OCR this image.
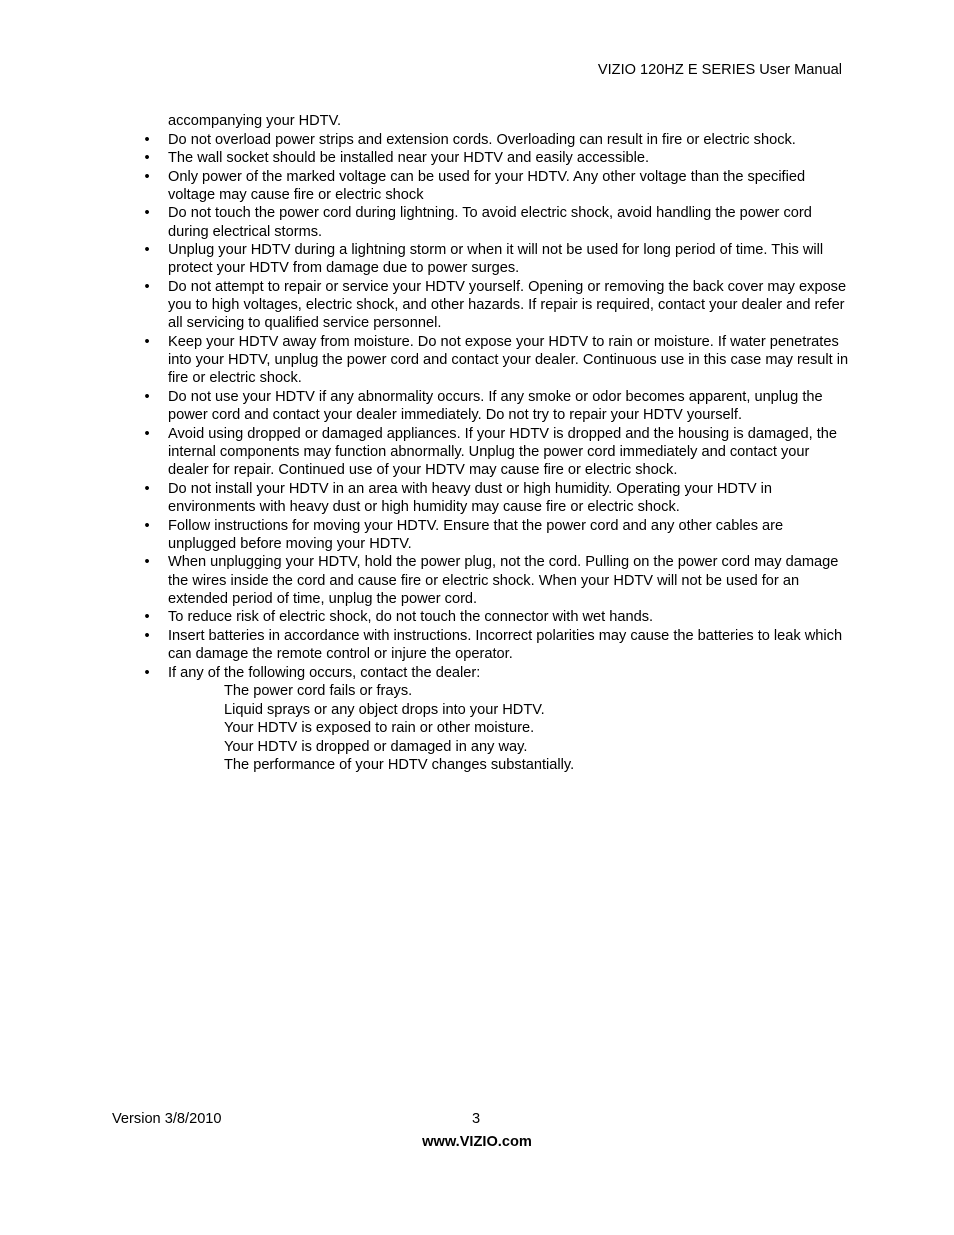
VIZIO 120HZ E SERIES User Manual
accompanying your HDTV.
• Do not overload power strips and extension cords. Overloading can result in fire or electric shock.
• The wall socket should be installed near your HDTV and easily accessible.
• Only power of the marked voltage can be used for your HDTV. Any other voltage than the specified voltage may cause fire or electric shock
• Do not touch the power cord during lightning. To avoid electric shock, avoid handling the power cord during electrical storms.
• Unplug your HDTV during a lightning storm or when it will not be used for long period of time. This will protect your HDTV from damage due to power surges.
• Do not attempt to repair or service your HDTV yourself. Opening or removing the back cover may expose you to high voltages, electric shock, and other hazards. If repair is required, contact your dealer and refer all servicing to qualified service personnel.
• Keep your HDTV away from moisture. Do not expose your HDTV to rain or moisture. If water penetrates into your HDTV, unplug the power cord and contact your dealer. Continuous use in this case may result in fire or electric shock.
• Do not use your HDTV if any abnormality occurs. If any smoke or odor becomes apparent, unplug the power cord and contact your dealer immediately. Do not try to repair your HDTV yourself.
• Avoid using dropped or damaged appliances. If your HDTV is dropped and the housing is damaged, the internal components may function abnormally. Unplug the power cord immediately and contact your dealer for repair. Continued use of your HDTV may cause fire or electric shock.
• Do not install your HDTV in an area with heavy dust or high humidity. Operating your HDTV in environments with heavy dust or high humidity may cause fire or electric shock.
• Follow instructions for moving your HDTV. Ensure that the power cord and any other cables are unplugged before moving your HDTV.
• When unplugging your HDTV, hold the power plug, not the cord. Pulling on the power cord may damage the wires inside the cord and cause fire or electric shock. When your HDTV will not be used for an extended period of time, unplug the power cord.
• To reduce risk of electric shock, do not touch the connector with wet hands.
• Insert batteries in accordance with instructions. Incorrect polarities may cause the batteries to leak which can damage the remote control or injure the operator.
• If any of the following occurs, contact the dealer:
The power cord fails or frays.
Liquid sprays or any object drops into your HDTV.
Your HDTV is exposed to rain or other moisture.
Your HDTV is dropped or damaged in any way.
The performance of your HDTV changes substantially.
Version 3/8/2010	3
www.VIZIO.com
